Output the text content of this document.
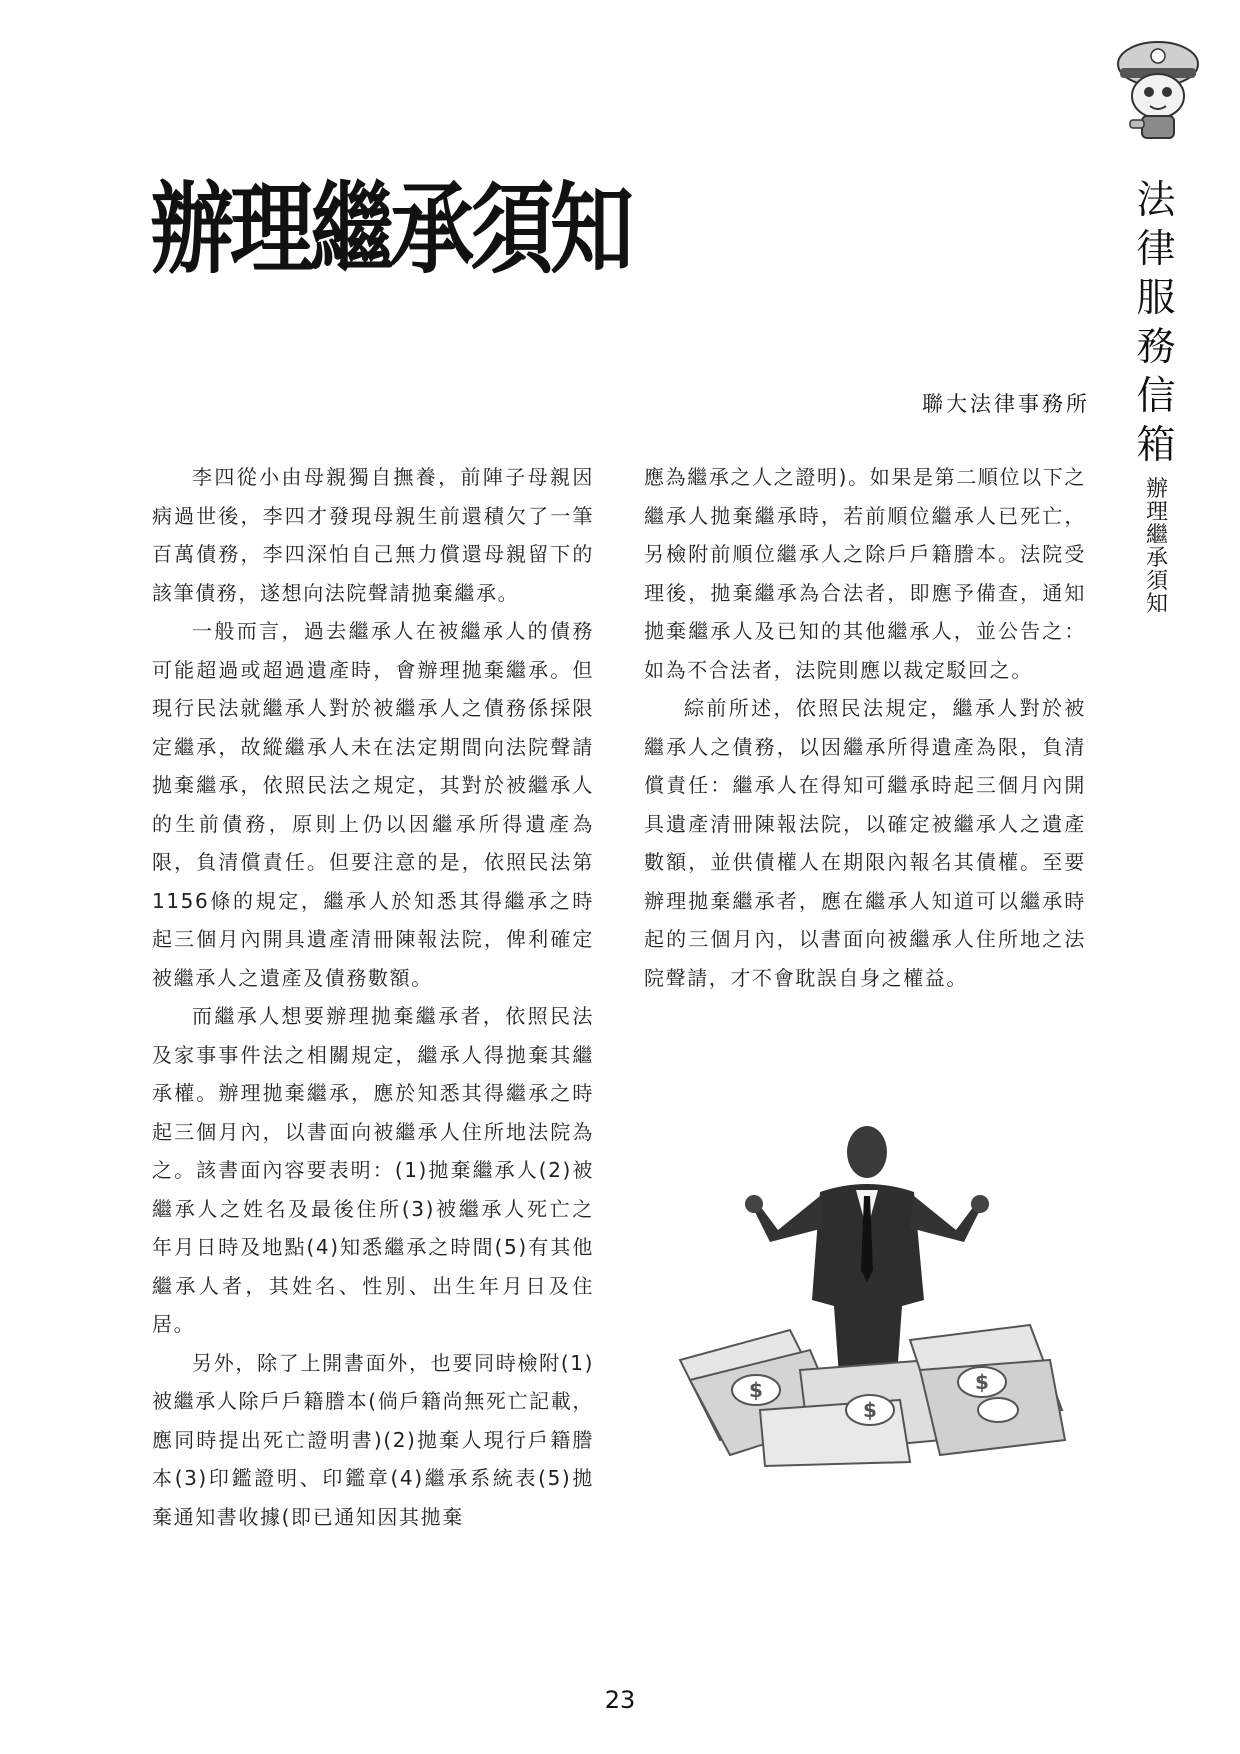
辦理繼承須知	法
律
服
務
信
箱
辦
理
繼
承
須
知
聯大法律事務所

李四從小由母親獨自撫養，前陣子母親因病過世後，李四才發現母親生前還積欠了一筆百萬債務，李四深怕自己無力償還母親留下的該筆債務，遂想向法院聲請拋棄繼承。

一般而言，過去繼承人在被繼承人的債務可能超過或超過遺產時，會辦理拋棄繼承。但現行民法就繼承人對於被繼承人之債務係採限定繼承，故縱繼承人未在法定期間向法院聲請拋棄繼承，依照民法之規定，其對於被繼承人的生前債務，原則上仍以因繼承所得遺產為限，負清償責任。但要注意的是，依照民法第1156條的規定，繼承人於知悉其得繼承之時起三個月內開具遺產清冊陳報法院，俾利確定被繼承人之遺產及債務數額。

而繼承人想要辦理拋棄繼承者，依照民法及家事事件法之相關規定，繼承人得拋棄其繼承權。辦理拋棄繼承，應於知悉其得繼承之時起三個月內，以書面向被繼承人住所地法院為之。該書面內容要表明：(1)拋棄繼承人(2)被繼承人之姓名及最後住所(3)被繼承人死亡之年月日時及地點(4)知悉繼承之時間(5)有其他繼承人者，其姓名、性別、出生年月日及住居。

另外，除了上開書面外，也要同時檢附(1)被繼承人除戶戶籍謄本(倘戶籍尚無死亡記載，應同時提出死亡證明書)(2)拋棄人現行戶籍謄本(3)印鑑證明、印鑑章(4)繼承系統表(5)拋棄通知書收據(即已通知因其拋棄

應為繼承之人之證明)。如果是第二順位以下之繼承人拋棄繼承時，若前順位繼承人已死亡，另檢附前順位繼承人之除戶戶籍謄本。法院受理後，拋棄繼承為合法者，即應予備查，通知拋棄繼承人及已知的其他繼承人，並公告之：如為不合法者，法院則應以裁定駁回之。

綜前所述，依照民法規定，繼承人對於被繼承人之債務，以因繼承所得遺產為限，負清償責任：繼承人在得知可繼承時起三個月內開具遺產清冊陳報法院，以確定被繼承人之遺產數額，並供債權人在期限內報名其債權。至要辦理拋棄繼承者，應在繼承人知道可以繼承時起的三個月內，以書面向被繼承人住所地之法院聲請，才不會耽誤自身之權益。

$
$
$
23
